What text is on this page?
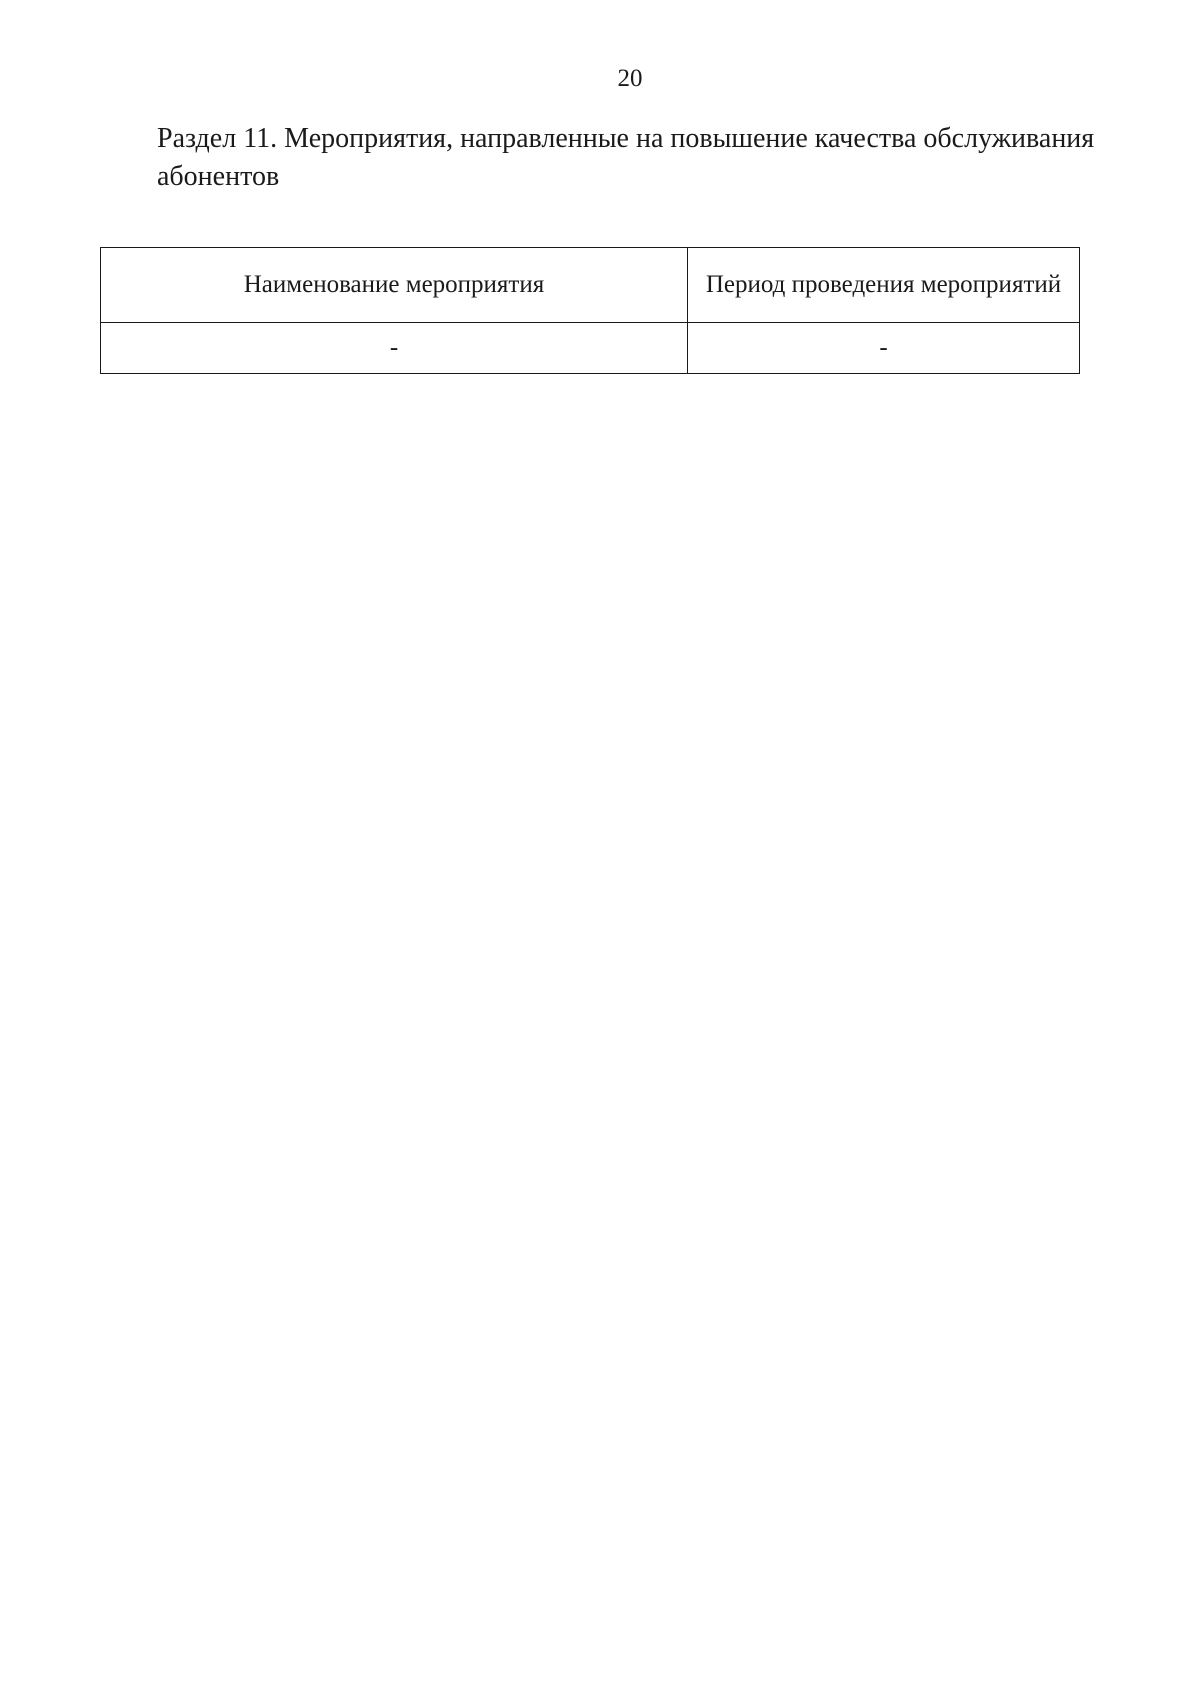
20
Раздел 11. Мероприятия, направленные на повышение качества обслуживания абонентов
Наименование мероприятия	Период проведения мероприятий
-	-
